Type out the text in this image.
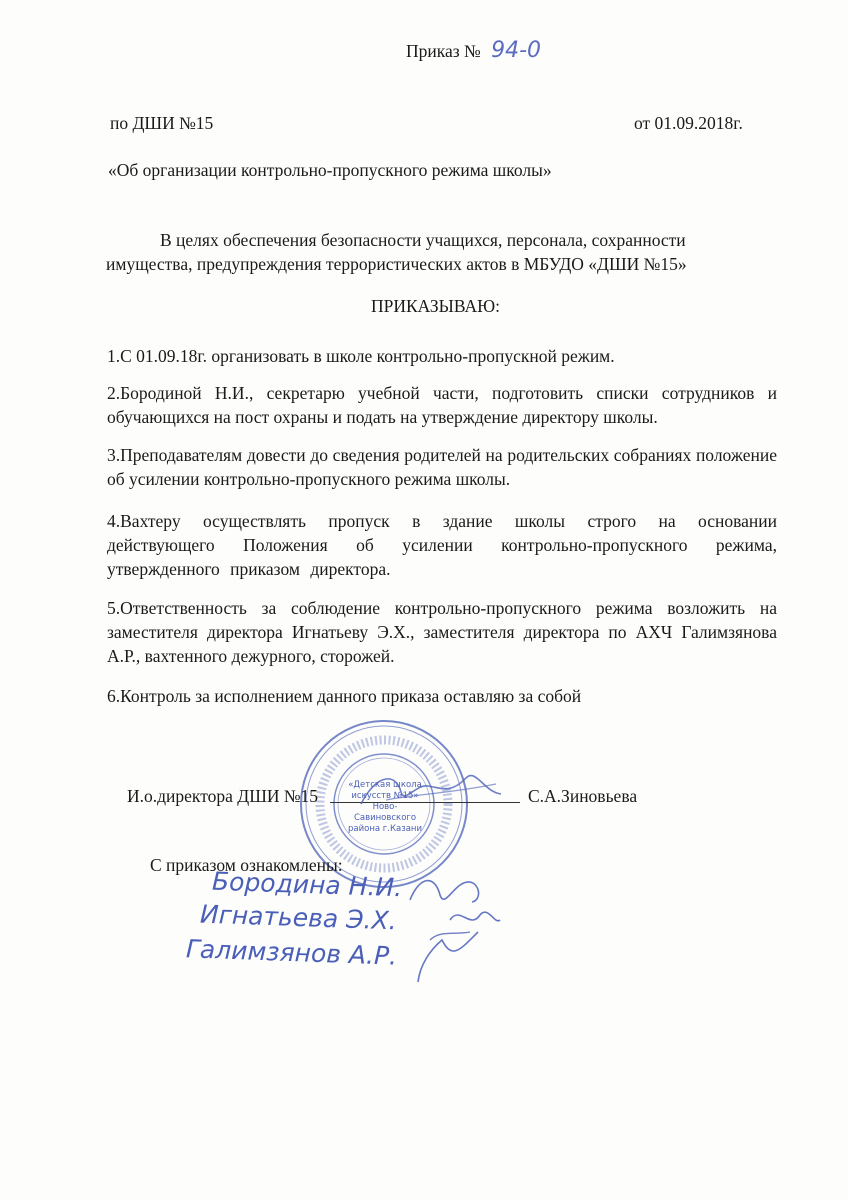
Приказ № 94-0
по ДШИ №15	от 01.09.2018г.
«Об организации контрольно-пропускного режима школы»
В целях обеспечения безопасности учащихся, персонала, сохранности
имущества, предупреждения террористических актов в МБУДО «ДШИ №15»
ПРИКАЗЫВАЮ:
1.С 01.09.18г. организовать в школе контрольно-пропускной режим.
2.Бородиной Н.И., секретарю учебной части, подготовить списки сотрудников и обучающихся на пост охраны и подать на утверждение директору школы.
3.Преподавателям довести до сведения родителей на родительских собраниях положение об усилении контрольно-пропускного режима школы.
4.Вахтеру осуществлять пропуск в здание школы строго на основании действующего Положения об усилении контрольно-пропускного режима, утвержденного приказом директора.
5.Ответственность за соблюдение контрольно-пропускного режима возложить на заместителя директора Игнатьеву Э.Х., заместителя директора по АХЧ Галимзянова А.Р., вахтенного дежурного, сторожей.
6.Контроль за исполнением данного приказа оставляю за собой
«Детская школа искусств №15» Ново-Савиновского района г.Казани
И.о.директора ДШИ №15	С.А.Зиновьева
С приказом ознакомлены:
Бородина Н.И.
Игнатьева Э.Х.
Галимзянов А.Р.
